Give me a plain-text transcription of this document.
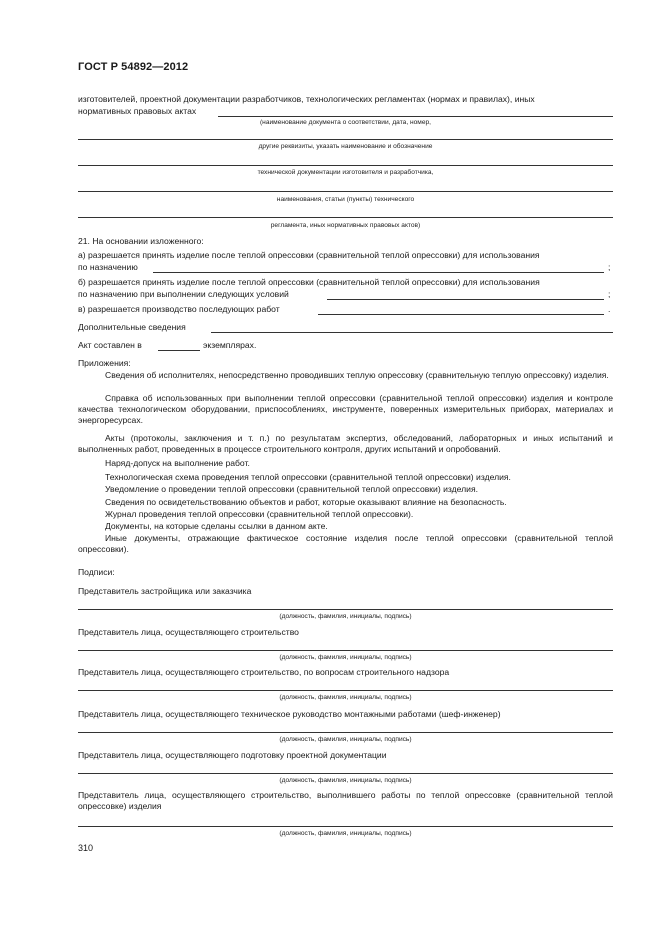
ГОСТ Р 54892—2012
изготовителей, проектной документации разработчиков, технологических регламентах (нормах и правилах), иных
нормативных правовых актах
(наименование документа о соответствии, дата, номер,
другие реквизиты, указать наименование и обозначение
технической документации изготовителя и разработчика,
наименования, статьи (пункты) технического
регламента, иных нормативных правовых актов)
21. На основании изложенного:
а) разрешается принять изделие после теплой опрессовки (сравнительной теплой опрессовки) для использования
по назначению	;
б) разрешается принять изделие после теплой опрессовки (сравнительной теплой опрессовки) для использования
по назначению при выполнении следующих условий	;
в) разрешается производство последующих работ	.
Дополнительные сведения
Акт составлен в	экземплярах.
Приложения:
Сведения об исполнителях, непосредственно проводивших теплую опрессовку (сравнительную теплую опрессовку) изделия.
Справка об использованных при выполнении теплой опрессовки (сравнительной теплой опрессовки) изделия и контроле качества технологическом оборудовании, приспособлениях, инструменте, поверенных измерительных приборах, материалах и энергоресурсах.
Акты (протоколы, заключения и т. п.) по результатам экспертиз, обследований, лабораторных и иных испытаний и выполненных работ, проведенных в процессе строительного контроля, других испытаний и опробований.
Наряд-допуск на выполнение работ.
Технологическая схема проведения теплой опрессовки (сравнительной теплой опрессовки) изделия.
Уведомление о проведении теплой опрессовки (сравнительной теплой опрессовки) изделия.
Сведения по освидетельствованию объектов и работ, которые оказывают влияние на безопасность.
Журнал проведения теплой опрессовки (сравнительной теплой опрессовки).
Документы, на которые сделаны ссылки в данном акте.
Иные документы, отражающие фактическое состояние изделия после теплой опрессовки (сравнительной теплой опрессовки).
Подписи:
Представитель застройщика или заказчика
(должность, фамилия, инициалы, подпись)
Представитель лица, осуществляющего строительство
(должность, фамилия, инициалы, подпись)
Представитель лица, осуществляющего строительство, по вопросам строительного надзора
(должность, фамилия, инициалы, подпись)
Представитель лица, осуществляющего техническое руководство монтажными работами (шеф-инженер)
(должность, фамилия, инициалы, подпись)
Представитель лица, осуществляющего подготовку проектной документации
(должность, фамилия, инициалы, подпись)
Представитель лица, осуществляющего строительство, выполнившего работы по теплой опрессовке (сравнительной теплой опрессовке) изделия
(должность, фамилия, инициалы, подпись)
310
